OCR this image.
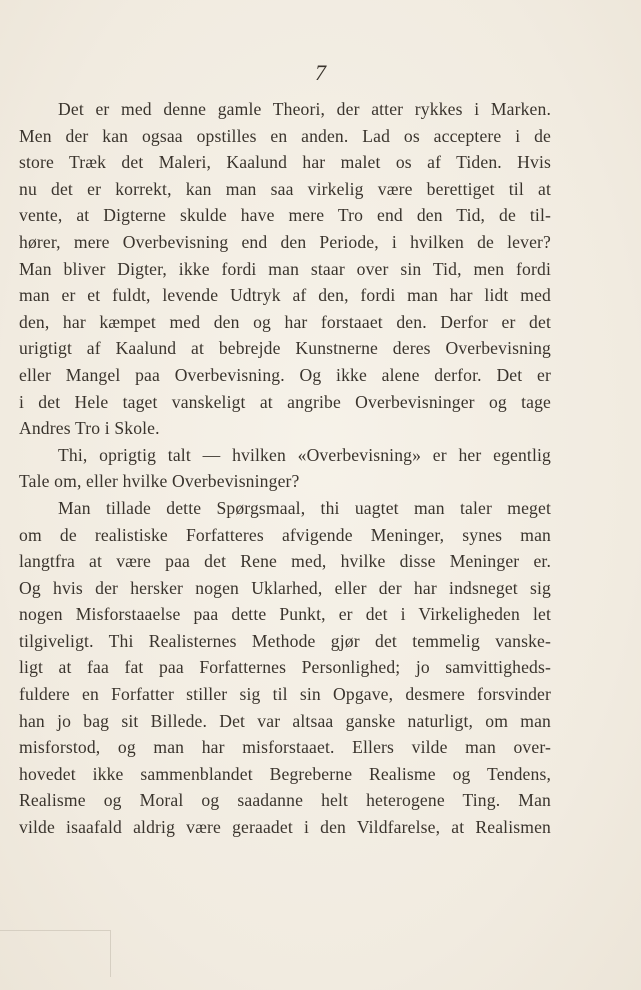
7
Det er med denne gamle Theori, der atter rykkes i Marken.
Men der kan ogsaa opstilles en anden. Lad os acceptere i de
store Træk det Maleri, Kaalund har malet os af Tiden. Hvis
nu det er korrekt, kan man saa virkelig være berettiget til at
vente, at Digterne skulde have mere Tro end den Tid, de til-
hører, mere Overbevisning end den Periode, i hvilken de lever?
Man bliver Digter, ikke fordi man staar over sin Tid, men fordi
man er et fuldt, levende Udtryk af den, fordi man har lidt med
den, har kæmpet med den og har forstaaet den. Derfor er det
urigtigt af Kaalund at bebrejde Kunstnerne deres Overbevisning
eller Mangel paa Overbevisning. Og ikke alene derfor. Det er
i det Hele taget vanskeligt at angribe Overbevisninger og tage
Andres Tro i Skole.
Thi, oprigtig talt — hvilken «Overbevisning» er her egentlig
Tale om, eller hvilke Overbevisninger?
Man tillade dette Spørgsmaal, thi uagtet man taler meget
om de realistiske Forfatteres afvigende Meninger, synes man
langtfra at være paa det Rene med, hvilke disse Meninger er.
Og hvis der hersker nogen Uklarhed, eller der har indsneget sig
nogen Misforstaaelse paa dette Punkt, er det i Virkeligheden let
tilgiveligt. Thi Realisternes Methode gjør det temmelig vanske-
ligt at faa fat paa Forfatternes Personlighed; jo samvittigheds-
fuldere en Forfatter stiller sig til sin Opgave, desmere forsvinder
han jo bag sit Billede. Det var altsaa ganske naturligt, om man
misforstod, og man har misforstaaet. Ellers vilde man over-
hovedet ikke sammenblandet Begreberne Realisme og Tendens,
Realisme og Moral og saadanne helt heterogene Ting. Man
vilde isaafald aldrig være geraadet i den Vildfarelse, at Realismen
